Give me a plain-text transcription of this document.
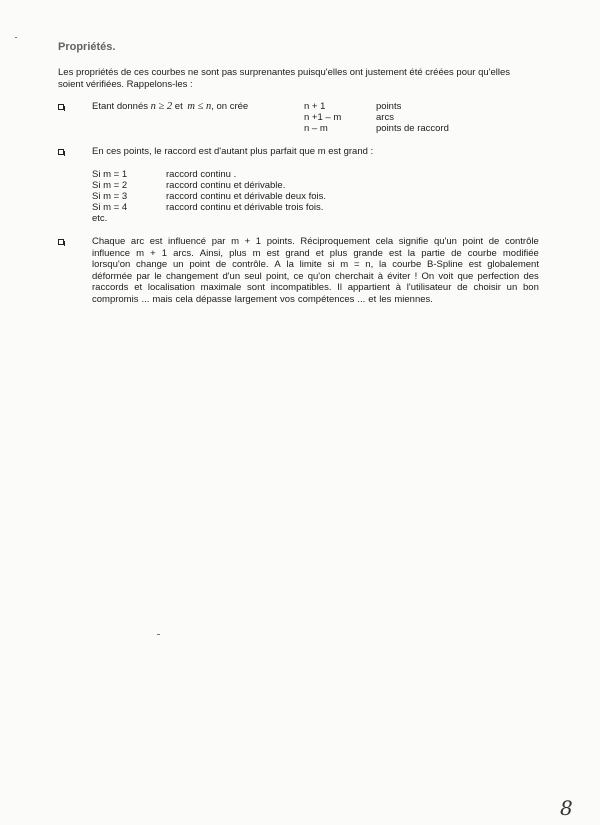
Propriétés.
Les propriétés de ces courbes ne sont pas surprenantes puisqu'elles ont justement été créées pour qu'elles
soient vérifiées. Rappelons-les :
Etant donnés n ≥ 2 et m ≤ n, on crée	n + 1	points
n +1 – m	arcs
n – m	points de raccord
En ces points, le raccord est d'autant plus parfait que m est grand :
Si m = 1	raccord continu .
Si m = 2	raccord continu et dérivable.
Si m = 3	raccord continu et dérivable deux fois.
Si m = 4	raccord continu et dérivable trois fois.
etc.
Chaque arc est influencé par m + 1 points. Réciproquement cela signifie qu'un point de contrôle
influence m + 1 arcs. Ainsi, plus m est grand et plus grande est la partie de courbe modifiée
lorsqu'on change un point de contrôle. A la limite si m = n, la courbe B-Spline est globalement
déformée par le changement d'un seul point, ce qu'on cherchait à éviter ! On voit que perfection des
raccords et localisation maximale sont incompatibles. Il appartient à l'utilisateur de choisir un bon
compromis ... mais cela dépasse largement vos compétences ... et les miennes.
8
